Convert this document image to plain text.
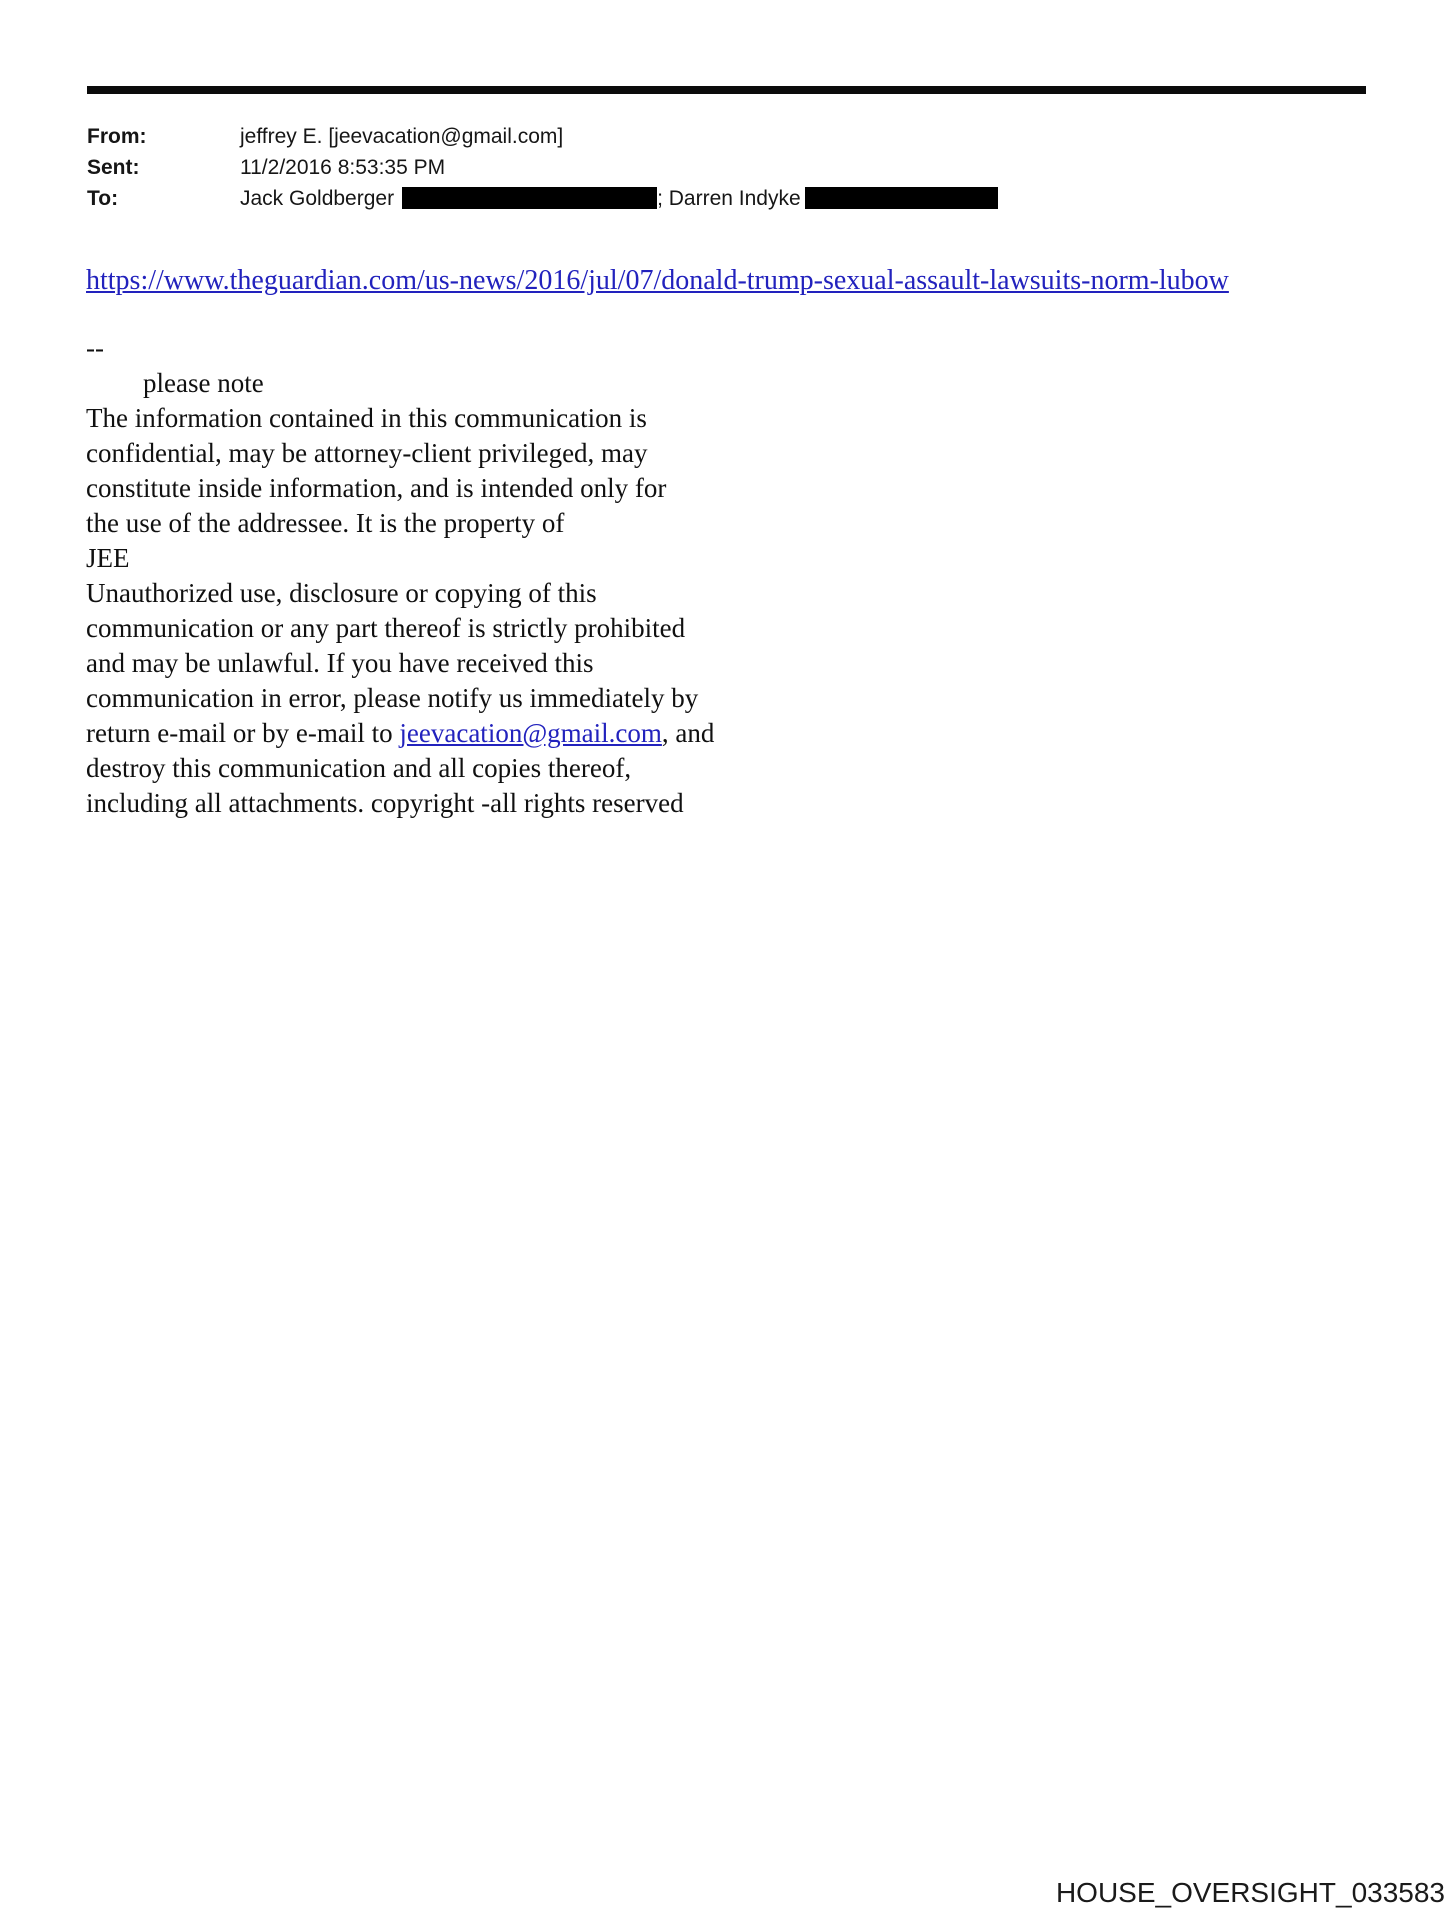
From:	jeffrey E. [jeevacation@gmail.com]
Sent:	11/2/2016 8:53:35 PM
To:	Jack Goldberger	; Darren Indyke
https://www.theguardian.com/us-news/2016/jul/07/donald-trump-sexual-assault-lawsuits-norm-lubow
--
please note
The information contained in this communication is
confidential, may be attorney-client privileged, may
constitute inside information, and is intended only for
the use of the addressee. It is the property of
JEE
Unauthorized use, disclosure or copying of this
communication or any part thereof is strictly prohibited
and may be unlawful. If you have received this
communication in error, please notify us immediately by
return e-mail or by e-mail to jeevacation@gmail.com, and
destroy this communication and all copies thereof,
including all attachments. copyright -all rights reserved
HOUSE_OVERSIGHT_033583
